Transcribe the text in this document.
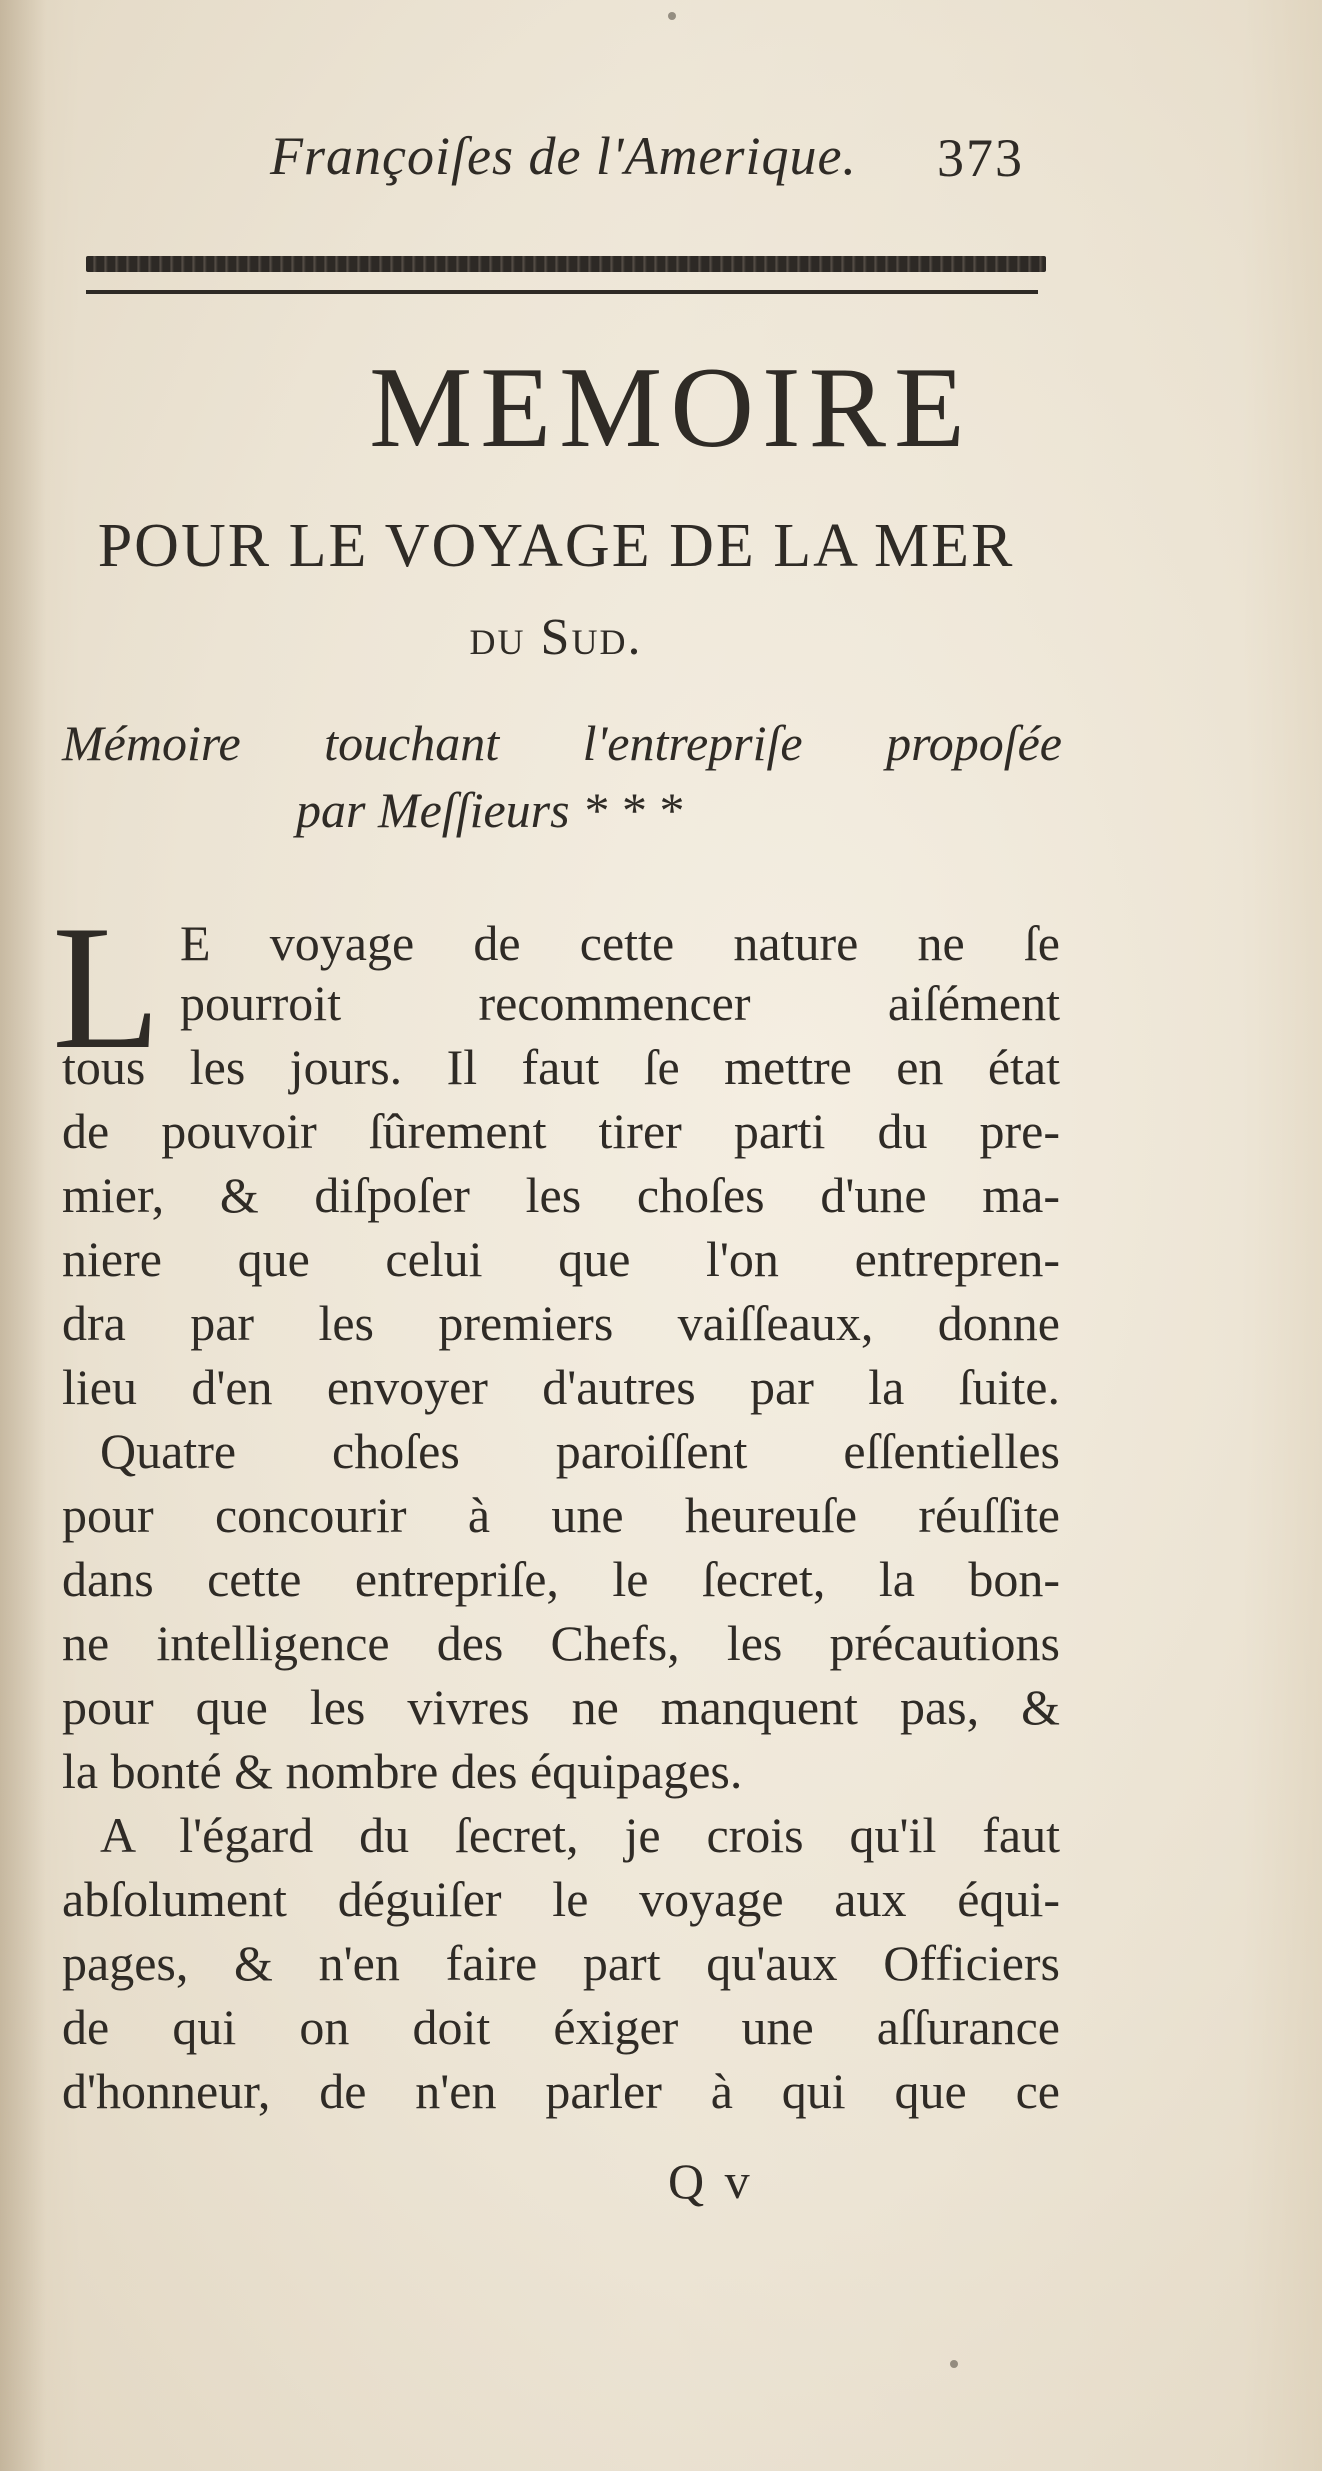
Françoiſes de l'Amerique. 373
MEMOIRE
POUR LE VOYAGE DE LA MER
du Sud.
Mémoire touchant l'entrepriſe propoſée
par Meſſieurs * * *
L E voyage de cette nature ne ſe
pourroit recommencer aiſément
tous les jours. Il faut ſe mettre en état
de pouvoir ſûrement tirer parti du pre-
mier, & diſpoſer les choſes d'une ma-
niere que celui que l'on entrepren-
dra par les premiers vaiſſeaux, donne
lieu d'en envoyer d'autres par la ſuite.
Quatre choſes paroiſſent eſſentielles
pour concourir à une heureuſe réuſſite
dans cette entrepriſe, le ſecret, la bon-
ne intelligence des Chefs, les précautions
pour que les vivres ne manquent pas, &
la bonté & nombre des équipages.
A l'égard du ſecret, je crois qu'il faut
abſolument déguiſer le voyage aux équi-
pages, & n'en faire part qu'aux Officiers
de qui on doit éxiger une aſſurance
d'honneur, de n'en parler à qui que ce
Q v
